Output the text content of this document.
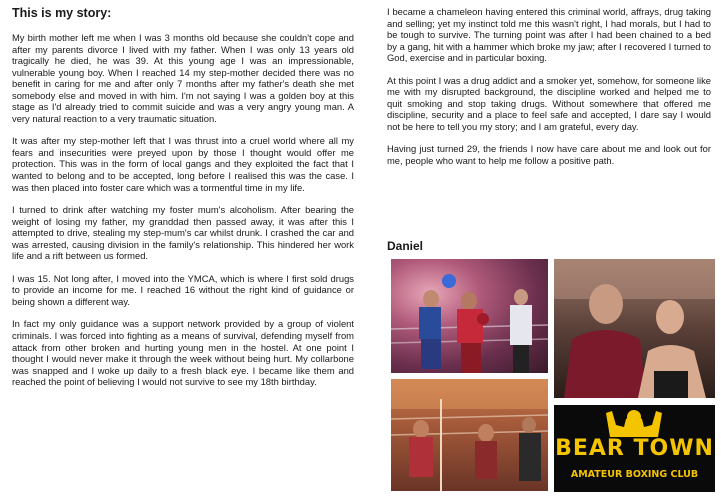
This is my story:

My birth mother left me when I was 3 months old because she couldn't cope and after my parents divorce I lived with my father. When I was only 13 years old tragically he died, he was 39. At this young age I was an impressionable, vulnerable young boy. When I reached 14 my step-mother decided there was no benefit in caring for me and after only 7 months after my father's death she met somebody else and moved in with him. I'm not saying I was a golden boy at this stage as I'd already tried to commit suicide and was a very angry young man. A very natural reaction to a very traumatic situation.

It was after my step-mother left that I was thrust into a cruel world where all my fears and insecurities were preyed upon by those I thought would offer me protection. This was in the form of local gangs and they exploited the fact that I wanted to belong and to be accepted, long before I realised this was the case. I was then placed into foster care which was a tormentful time in my life.

I turned to drink after watching my foster mum's alcoholism. After bearing the weight of losing my father, my granddad then passed away, it was after this I attempted to drive, stealing my step-mum's car whilst drunk. I crashed the car and was arrested, causing division in the family's relationship. This hindered her work life and a rift between us formed.

I was 15. Not long after, I moved into the YMCA, which is where I first sold drugs to provide an income for me. I reached 16 without the right kind of guidance or being shown a different way.

In fact my only guidance was a support network provided by a group of violent criminals. I was forced into fighting as a means of survival, defending myself from attack from other broken and hurting young men in the hostel. At one point I thought I would never make it through the week without being hurt. My collarbone was snapped and I woke up daily to a fresh black eye. I became like them and reached the point of believing I would not survive to see my 18th birthday.

I became a chameleon having entered this criminal world, affrays, drug taking and selling; yet my instinct told me this wasn't right, I had morals, but I had to be tough to survive. The turning point was after I had been chained to a bed by a gang, hit with a hammer which broke my jaw; after I recovered I turned to God, exercise and in particular boxing.

At this point I was a drug addict and a smoker yet, somehow, for someone like me with my disrupted background, the discipline worked and helped me to quit smoking and stop taking drugs. Without somewhere that offered me discipline, security and a place to feel safe and accepted, I dare say I would not be here to tell you my story; and I am grateful, every day.

Having just turned 29, the friends I now have care about me and look out for me, people who want to help me follow a positive path.

Daniel
BEAR TOWN
AMATEUR BOXING CLUB
